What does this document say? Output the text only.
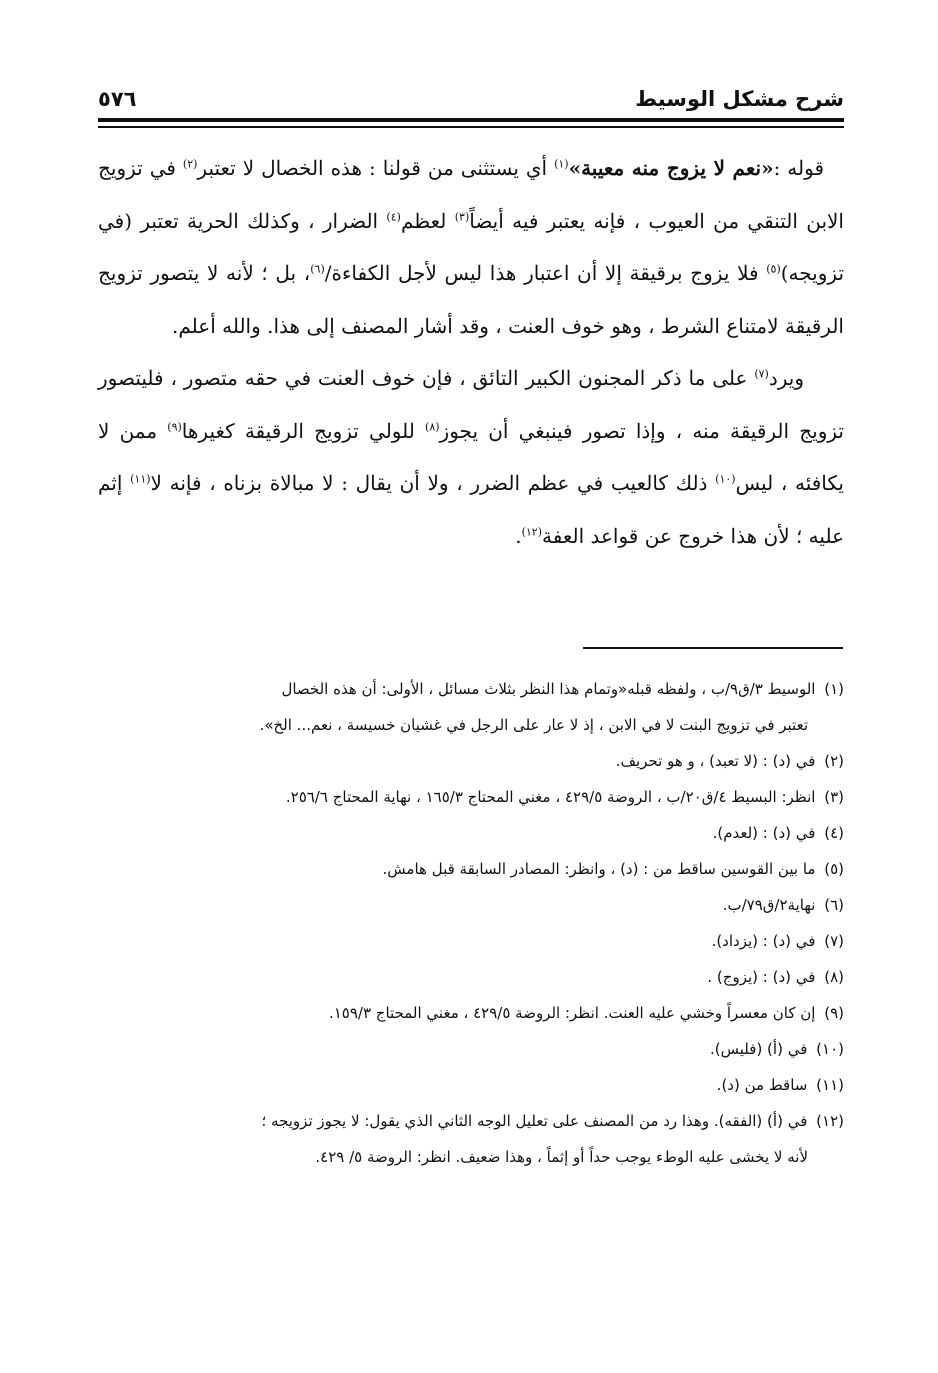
شرح مشكل الوسيط
٥٧٦

قوله :«نعم لا يزوج منه معيبة»$^{(١)}$ أي يستثنى من قولنا : هذه الخصال لا تعتبر$^{(٢)}$ في تزويج الابن التنقي من العيوب ، فإنه يعتبر فيه أيضاً$^{(٣)}$ لعظم$^{(٤)}$ الضرار ، وكذلك الحرية تعتبر (في تزويجه)$^{(٥)}$ فلا يزوج برقيقة إلا أن اعتبار هذا ليس لأجل الكفاءة/$^{(٦)}$، بل ؛ لأنه لا يتصور تزويج الرقيقة لامتناع الشرط ، وهو خوف العنت ، وقد أشار المصنف إلى هذا. والله أعلم.

ويرد$^{(٧)}$ على ما ذكر المجنون الكبير التائق ، فإن خوف العنت في حقه متصور ، فليتصور تزويج الرقيقة منه ، وإذا تصور فينبغي أن يجوز$^{(٨)}$ للولي تزويج الرقيقة كغيرها$^{(٩)}$ ممن لا يكافئه ، ليس$^{(١٠)}$ ذلك كالعيب في عظم الضرر ، ولا أن يقال : لا مبالاة بزناه ، فإنه لا$^{(١١)}$ إثم عليه ؛ لأن هذا خروج عن قواعد العفة$^{(١٢)}$.

(١) الوسيط ٣/ق٩/ب ، ولفظه قبله«وتمام هذا النظر بثلاث مسائل ، الأولى: أن هذه الخصال
تعتبر في تزويج البنت لا في الابن ، إذ لا عار على الرجل في غشيان خسيسة ، نعم... الخ».
(٢) في (د) : (لا تعبد) ، و هو تحريف.
(٣) انظر: البسيط ٤/ق٢٠/ب ، الروضة ٤٢٩/٥ ، مغني المحتاج ١٦٥/٣ ، نهاية المحتاج ٢٥٦/٦.
(٤) في (د) : (لعدم).
(٥) ما بين القوسين ساقط من : (د) ، وانظر: المصادر السابقة قبل هامش.
(٦) نهاية٢/ق٧٩/ب.
(٧) في (د) : (يزداد).
(٨) في (د) : (يزوج) .
(٩) إن كان معسراً وخشي عليه العنت. انظر: الروضة ٤٢٩/٥ ، مغني المحتاج ١٥٩/٣.
(١٠) في (أ) (فليس).
(١١) ساقط من (د).
(١٢) في (أ) (الفقه). وهذا رد من المصنف على تعليل الوجه الثاني الذي يقول: لا يجوز تزويجه ؛
لأنه لا يخشى عليه الوطء يوجب حداً أو إثماً ، وهذا ضعيف. انظر: الروضة ٥/ ٤٢٩.
